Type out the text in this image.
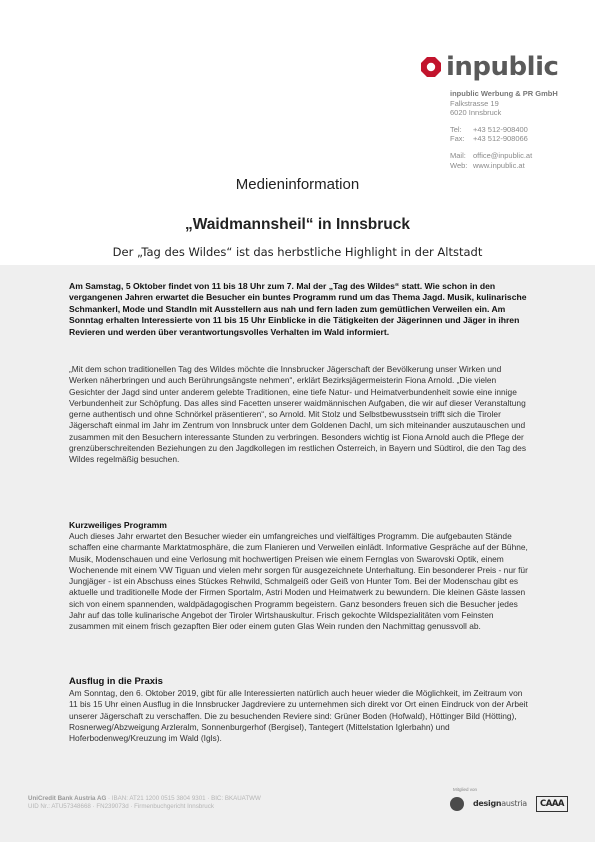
inpublic
inpublic Werbung & PR GmbH
Falkstrasse 19
6020 Innsbruck
Tel:	+43 512-908400
Fax:	+43 512-908066
Mail: office@inpublic.at
Web: www.inpublic.at
Medieninformation
„Waidmannsheil“ in Innsbruck
Der „Tag des Wildes“ ist das herbstliche Highlight in der Altstadt
Am Samstag, 5 Oktober findet von 11 bis 18 Uhr zum 7. Mal der „Tag des Wildes“ statt. Wie schon in den vergangenen Jahren erwartet die Besucher ein buntes Programm rund um das Thema Jagd. Musik, kulinarische Schmankerl, Mode und Standln mit Ausstellern aus nah und fern laden zum gemütlichen Verweilen ein. Am Sonntag erhalten Interessierte von 11 bis 15 Uhr Einblicke in die Tätigkeiten der Jägerinnen und Jäger in ihren Revieren und werden über verantwortungsvolles Verhalten im Wald informiert.
„Mit dem schon traditionellen Tag des Wildes möchte die Innsbrucker Jägerschaft der Bevölkerung unser Wirken und Werken näherbringen und auch Berührungsängste nehmen“, erklärt Bezirksjägermeisterin Fiona Arnold. „Die vielen Gesichter der Jagd sind unter anderem gelebte Traditionen, eine tiefe Natur- und Heimatverbundenheit sowie eine innige Verbundenheit zur Schöpfung. Das alles sind Facetten unserer waidmännischen Aufgaben, die wir auf dieser Veranstaltung gerne authentisch und ohne Schnörkel präsentieren“, so Arnold. Mit Stolz und Selbstbewusstsein trifft sich die Tiroler Jägerschaft einmal im Jahr im Zentrum von Innsbruck unter dem Goldenen Dachl, um sich miteinander auszutauschen und zusammen mit den Besuchern interessante Stunden zu verbringen. Besonders wichtig ist Fiona Arnold auch die Pflege der grenzüberschreitenden Beziehungen zu den Jagdkollegen im restlichen Österreich, in Bayern und Südtirol, die den Tag des Wildes regelmäßig besuchen.
Kurzweiliges Programm
Auch dieses Jahr erwartet den Besucher wieder ein umfangreiches und vielfältiges Programm. Die aufgebauten Stände schaffen eine charmante Marktatmosphäre, die zum Flanieren und Verweilen einlädt. Informative Gespräche auf der Bühne, Musik, Modenschauen und eine Verlosung mit hochwertigen Preisen wie einem Fernglas von Swarovski Optik, einem Wochenende mit einem VW Tiguan und vielen mehr sorgen für ausgezeichnete Unterhaltung. Ein besonderer Preis - nur für Jungjäger - ist ein Abschuss eines Stückes Rehwild, Schmalgeiß oder Geiß von Hunter Tom. Bei der Modenschau gibt es aktuelle und traditionelle Mode der Firmen Sportalm, Astri Moden und Heimatwerk zu bewundern. Die kleinen Gäste lassen sich von einem spannenden, waldpädagogischen Programm begeistern. Ganz besonders freuen sich die Besucher jedes Jahr auf das tolle kulinarische Angebot der Tiroler Wirtshauskultur. Frisch gekochte Wildspezialitäten vom Feinsten zusammen mit einem frisch gezapften Bier oder einem guten Glas Wein runden den Nachmittag genussvoll ab.
Ausflug in die Praxis
Am Sonntag, den 6. Oktober 2019, gibt für alle Interessierten natürlich auch heuer wieder die Möglichkeit, im Zeitraum von 11 bis 15 Uhr einen Ausflug in die Innsbrucker Jagdreviere zu unternehmen sich direkt vor Ort einen Eindruck von der Arbeit unserer Jägerschaft zu verschaffen. Die zu besuchenden Reviere sind: Grüner Boden (Hofwald), Höttinger Bild (Hötting), Rosnerweg/Abzweigung Arzleralm, Sonnenburgerhof (Bergisel), Tantegert (Mittelstation Iglerbahn) und Hoferbodenweg/Kreuzung im Wald (Igls).
UniCredit Bank Austria AG · IBAN: AT21 1200 0515 3804 9301 · BIC: BKAUATWW
UID Nr.: ATU57348668 · FN239073d · Firmenbuchgericht Innsbruck
Mitglied von
designaustria	CAAA
